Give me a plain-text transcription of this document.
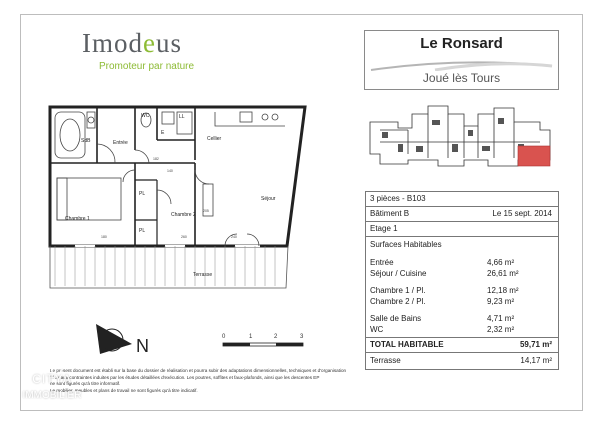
Imodeus
Promoteur par nature
Le Ronsard
Joué lès Tours
3 pièces - B103
Bâtiment B	Le 15 sept. 2014
Etage 1
Surfaces Habitables
Entrée	4,66 m²
Séjour / Cuisine	26,61 m²
Chambre 1 / Pl.	12,18 m²
Chambre 2 / Pl.	9,23 m²
Salle de Bains	4,71 m²
WC	2,32 m²
TOTAL HABITABLE	59,71 m²
Terrasse	14,17 m²
SdB	Entrée
WC
E
LL
Cellier
PL
PL
Chambre 1
Chambre 2
Séjour
Terrasse
180
205
260
182
140
240
N	0	1	2	3
Le présent document est établi sur la base du dossier de réalisation et pourra subir des adaptations dimensionnelles, techniques et d'organisation
liées aux contraintes induites par les études détaillées d'exécution. Les poutres, soffites et faux-plafonds, ainsi que les descentes EP
ne sont figurés qu'à titre informatif.
Le mobilier, meubles et plans de travail ne sont figurés qu'à titre indicatif.
CITYA
IMMOBILIER
